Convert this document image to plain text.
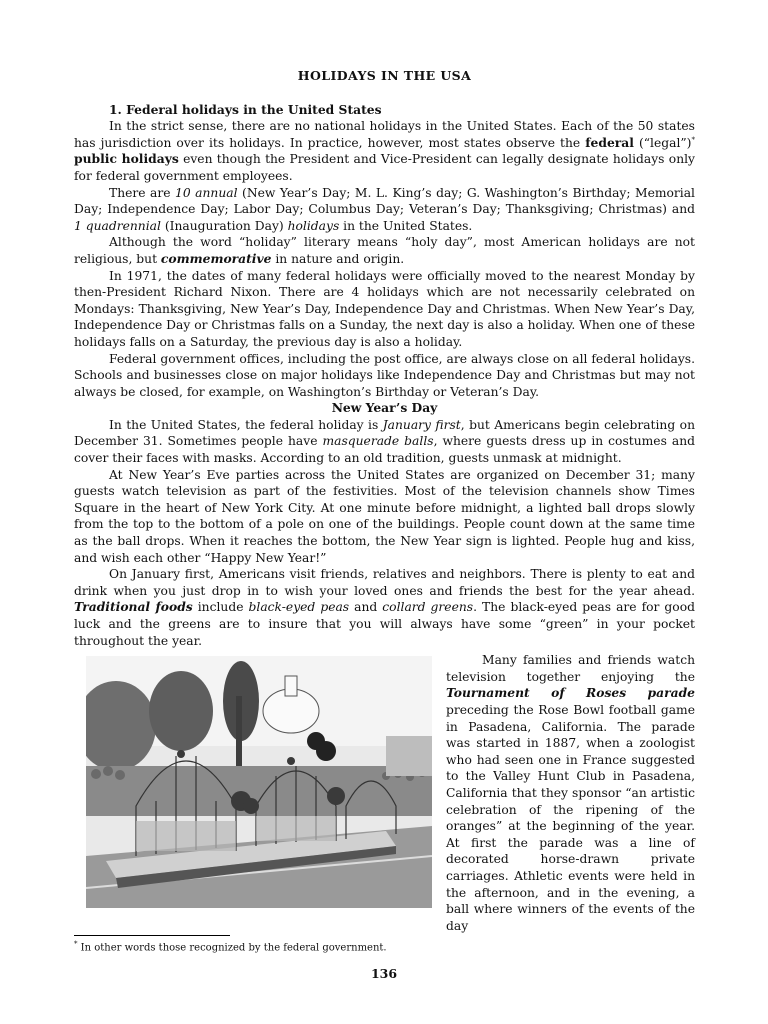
HOLIDAYS IN THE USA
1. Federal holidays in the United States

In the strict sense, there are no national holidays in the United States. Each of the 50 states has jurisdiction over its holidays. In practice, however, most states observe the federal (“legal”)* public holidays even though the President and Vice-President can legally designate holidays only for federal government employees.

There are 10 annual (New Year’s Day; M. L. King’s day; G. Washington’s Birthday; Memorial Day; Independence Day; Labor Day; Columbus Day; Veteran’s Day; Thanksgiving; Christmas) and 1 quadrennial (Inauguration Day) holidays in the United States.

Although the word “holiday” literary means “holy day”, most American holidays are not religious, but commemorative in nature and origin.

In 1971, the dates of many federal holidays were officially moved to the nearest Monday by then-President Richard Nixon. There are 4 holidays which are not necessarily celebrated on Mondays: Thanksgiving, New Year’s Day, Independence Day and Christmas. When New Year’s Day, Independence Day or Christmas falls on a Sunday, the next day is also a holiday. When one of these holidays falls on a Saturday, the previous day is also a holiday.

Federal government offices, including the post office, are always close on all federal holidays. Schools and businesses close on major holidays like Independence Day and Christmas but may not always be closed, for example, on Washington’s Birthday or Veteran’s Day.

New Year’s Day

In the United States, the federal holiday is January first, but Americans begin celebrating on December 31. Sometimes people have masquerade balls, where guests dress up in costumes and cover their faces with masks. According to an old tradition, guests unmask at midnight.

At New Year’s Eve parties across the United States are organized on December 31; many guests watch television as part of the festivities. Most of the television channels show Times Square in the heart of New York City. At one minute before midnight, a lighted ball drops slowly from the top to the bottom of a pole on one of the buildings. People count down at the same time as the ball drops. When it reaches the bottom, the New Year sign is lighted. People hug and kiss, and wish each other “Happy New Year!”

On January first, Americans visit friends, relatives and neighbors. There is plenty to eat and drink when you just drop in to wish your loved ones and friends the best for the year ahead. Traditional foods include black-eyed peas and collard greens. The black-eyed peas are for good luck and the greens are to insure that you will always have some “green” in your pocket throughout the year.

Many families and friends watch television together enjoying the Tournament of Roses parade preceding the Rose Bowl football game in Pasadena, California. The parade was started in 1887, when a zoologist who had seen one in France suggested to the Valley Hunt Club in Pasadena, California that they sponsor “an artistic celebration of the ripening of the oranges” at the beginning of the year. At first the parade was a line of decorated horse-drawn private carriages. Athletic events were held in the afternoon, and in the evening, a ball where winners of the events of the day

* In other words those recognized by the federal government.
136
